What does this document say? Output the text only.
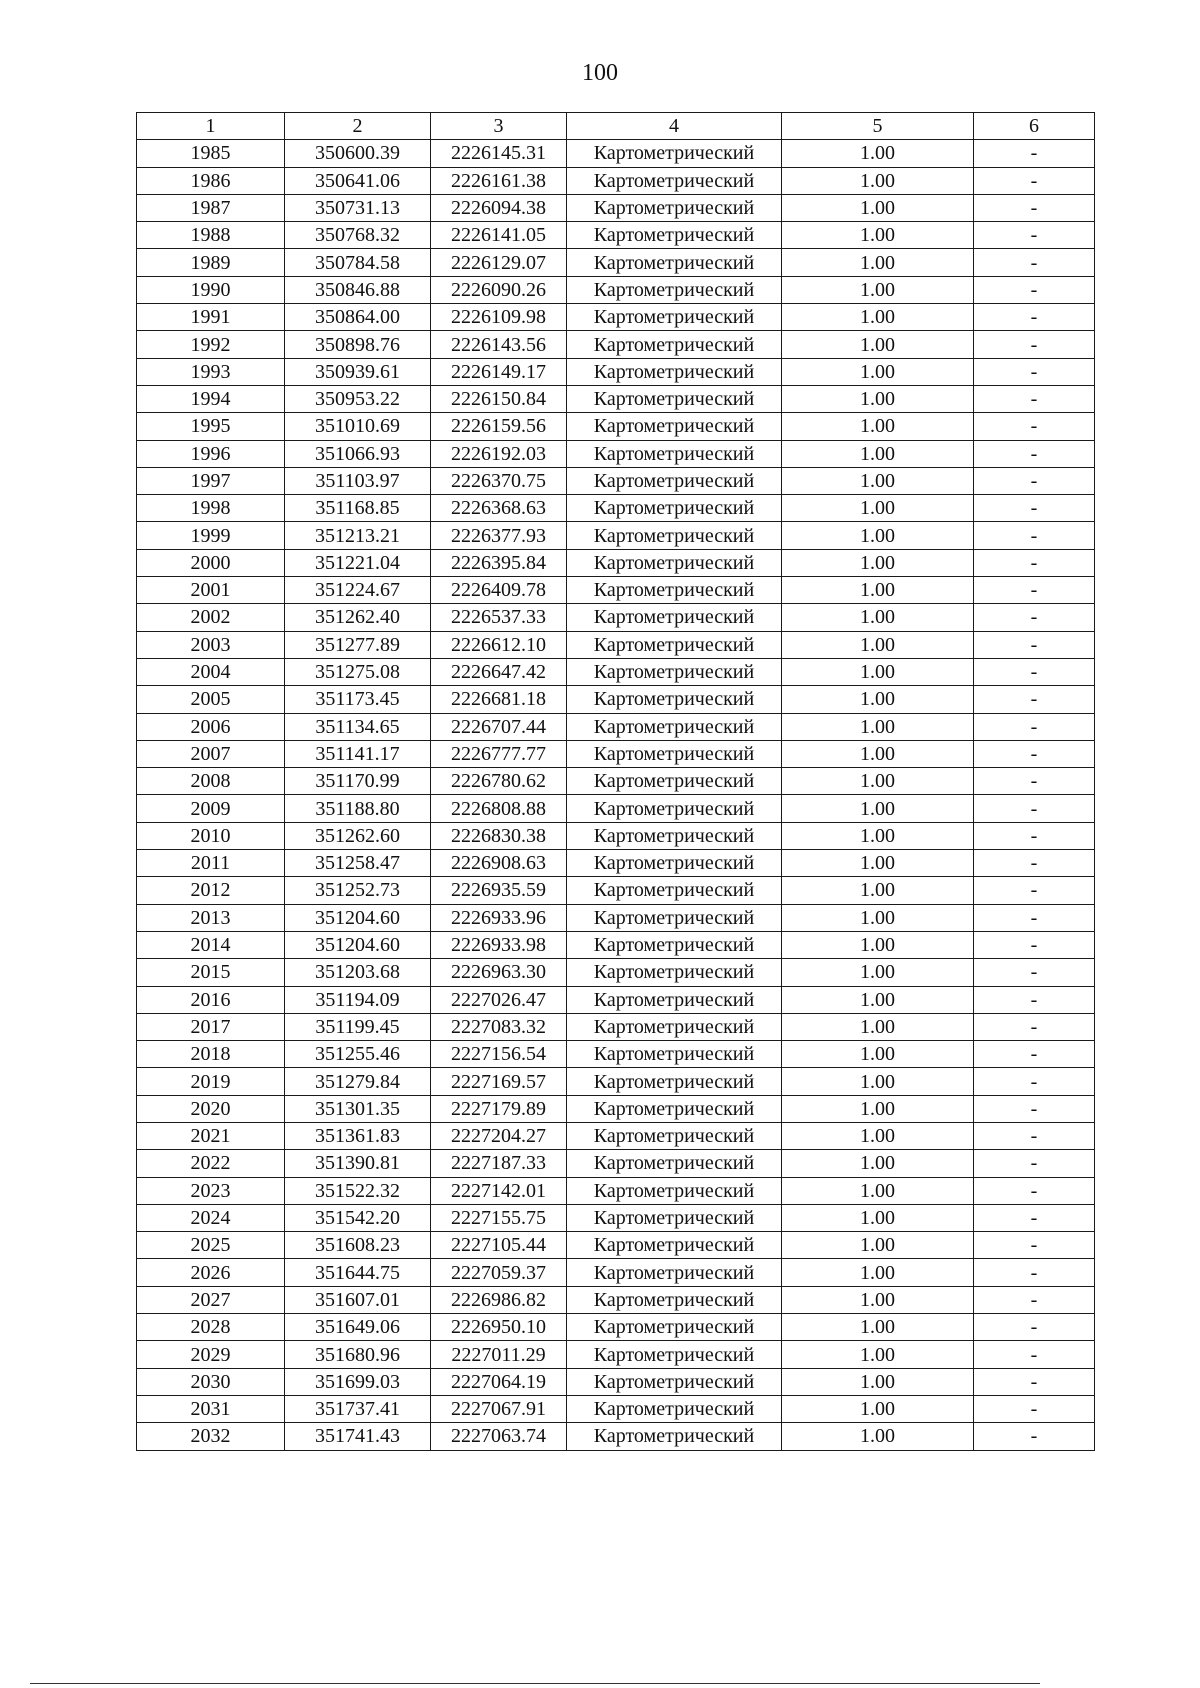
100
1	2	3	4	5	6
1985	350600.39	2226145.31	Картометрический	1.00	-
1986	350641.06	2226161.38	Картометрический	1.00	-
1987	350731.13	2226094.38	Картометрический	1.00	-
1988	350768.32	2226141.05	Картометрический	1.00	-
1989	350784.58	2226129.07	Картометрический	1.00	-
1990	350846.88	2226090.26	Картометрический	1.00	-
1991	350864.00	2226109.98	Картометрический	1.00	-
1992	350898.76	2226143.56	Картометрический	1.00	-
1993	350939.61	2226149.17	Картометрический	1.00	-
1994	350953.22	2226150.84	Картометрический	1.00	-
1995	351010.69	2226159.56	Картометрический	1.00	-
1996	351066.93	2226192.03	Картометрический	1.00	-
1997	351103.97	2226370.75	Картометрический	1.00	-
1998	351168.85	2226368.63	Картометрический	1.00	-
1999	351213.21	2226377.93	Картометрический	1.00	-
2000	351221.04	2226395.84	Картометрический	1.00	-
2001	351224.67	2226409.78	Картометрический	1.00	-
2002	351262.40	2226537.33	Картометрический	1.00	-
2003	351277.89	2226612.10	Картометрический	1.00	-
2004	351275.08	2226647.42	Картометрический	1.00	-
2005	351173.45	2226681.18	Картометрический	1.00	-
2006	351134.65	2226707.44	Картометрический	1.00	-
2007	351141.17	2226777.77	Картометрический	1.00	-
2008	351170.99	2226780.62	Картометрический	1.00	-
2009	351188.80	2226808.88	Картометрический	1.00	-
2010	351262.60	2226830.38	Картометрический	1.00	-
2011	351258.47	2226908.63	Картометрический	1.00	-
2012	351252.73	2226935.59	Картометрический	1.00	-
2013	351204.60	2226933.96	Картометрический	1.00	-
2014	351204.60	2226933.98	Картометрический	1.00	-
2015	351203.68	2226963.30	Картометрический	1.00	-
2016	351194.09	2227026.47	Картометрический	1.00	-
2017	351199.45	2227083.32	Картометрический	1.00	-
2018	351255.46	2227156.54	Картометрический	1.00	-
2019	351279.84	2227169.57	Картометрический	1.00	-
2020	351301.35	2227179.89	Картометрический	1.00	-
2021	351361.83	2227204.27	Картометрический	1.00	-
2022	351390.81	2227187.33	Картометрический	1.00	-
2023	351522.32	2227142.01	Картометрический	1.00	-
2024	351542.20	2227155.75	Картометрический	1.00	-
2025	351608.23	2227105.44	Картометрический	1.00	-
2026	351644.75	2227059.37	Картометрический	1.00	-
2027	351607.01	2226986.82	Картометрический	1.00	-
2028	351649.06	2226950.10	Картометрический	1.00	-
2029	351680.96	2227011.29	Картометрический	1.00	-
2030	351699.03	2227064.19	Картометрический	1.00	-
2031	351737.41	2227067.91	Картометрический	1.00	-
2032	351741.43	2227063.74	Картометрический	1.00	-
